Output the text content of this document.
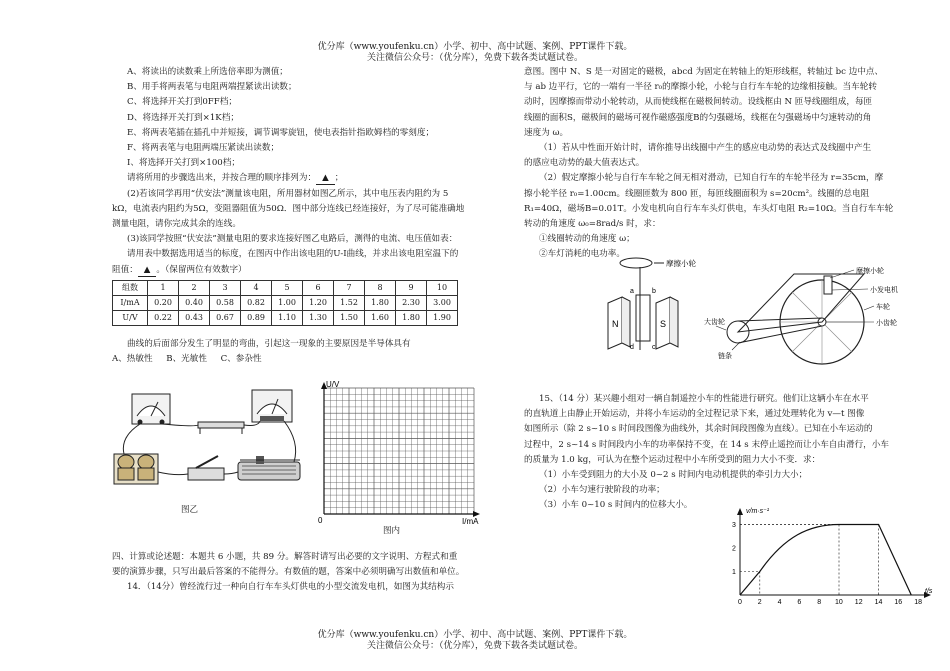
优分库（www.youfenku.cn）小学、初中、高中试题、案例、PPT课件下载。
关注微信公众号：（优分库），免费下载各类试题试卷。

A、将读出的读数乘上所选倍率即为测值；

B、用手将两表笔与电阻两端捏紧读出读数；

C、将选择开关打到0FF档；

D、将选择开关打到×1K档；

E、将两表笔插在插孔中并短接，调节调零旋钮，使电表指针指欧姆档的零刻度；

F、将两表笔与电阻两端压紧读出读数；

I、将选择开关打到×100档；

请将所用的步骤选出来，并按合理的顺序排列为： ▲ ；

(2)若该同学再用“伏安法”测量该电阻，所用器材如图乙所示，其中电压表内阻约为 5

kΩ，电流表内阻约为5Ω，变阻器阻值为50Ω．图中部分连线已经连接好，为了尽可能准确地

测量电阻，请你完成其余的连线。

(3)该同学按照“伏安法”测量电阻的要求连接好图乙电路后，测得的电流、电压值如表：

请用表中数据选用适当的标度，在图丙中作出该电阻的U-I曲线，并求出该电阻室温下的

阻值： ▲ 。（保留两位有效数字）

组数	1	2	3	4	5	6	7	8	9	10
I/mA	0.20	0.40	0.58	0.82	1.00	1.20	1.52	1.80	2.30	3.00
U/V	0.22	0.43	0.67	0.89	1.10	1.30	1.50	1.60	1.80	1.90

曲线的后面部分发生了明显的弯曲，引起这一现象的主要原因是半导体具有

A、热敏性 B、光敏性 C、参杂性

图乙
U/V
0	I/mA
图内

四、计算或论述题：本题共 6 小题，共 89 分。解答时请写出必要的文字说明、方程式和重

要的演算步骤，只写出最后答案的不能得分。有数值的题，答案中必须明确写出数值和单位。

14．（14分）曾经流行过一种向自行车车头灯供电的小型交流发电机，如图为其结构示

意图。图中 N、S 是一对固定的磁极，abcd 为固定在转轴上的矩形线框，转轴过 bc 边中点、

与 ab 边平行，它的一端有一半径 r₀的摩擦小轮，小轮与自行车车轮的边缘相接触。当车轮转

动时，因摩擦而带动小轮转动，从而使线框在磁极间转动。设线框由 N 匝导线圈组成，每匝

线圈的面积S，磁极间的磁场可视作磁感强度B的匀强磁场，线框在匀强磁场中匀速转动的角

速度为 ω。

（1）若从中性面开始计时，请你推导出线圈中产生的感应电动势的表达式及线圈中产生

的感应电动势的最大值表达式。

（2）假定摩擦小轮与自行车车轮之间无相对滑动，已知自行车的车轮半径为 r=35cm，摩

擦小轮半径 r₀=1.00cm。线圈匝数为 800 匝，每匝线圈面积为 s=20cm²。线圈的总电阻

R₁=40Ω，磁场B=0.01T。小发电机向自行车车头灯供电，车头灯电阻 R₂=10Ω。当自行车车轮

转动的角速度 ω₀=8rad/s 时，求：

①线圈转动的角速度 ω；

②车灯消耗的电功率。

N
a	b
c
d
S
摩擦小轮
摩擦小轮
小发电机
车轮
小齿轮
大齿轮
链条

15、（14 分）某兴趣小组对一辆自制遥控小车的性能进行研究。他们让这辆小车在水平

的直轨道上由静止开始运动，并将小车运动的全过程记录下来，通过处理转化为 v—t 图像

如图所示（除 2 s~10 s 时间段图像为曲线外，其余时间段图像为直线）。已知在小车运动的

过程中，2 s~14 s 时间段内小车的功率保持不变，在 14 s 末停止遥控而让小车自由滑行，小车

的质量为 1.0 kg，可认为在整个运动过程中小车所受到的阻力大小不变．求：

（1）小车受到阻力的大小及 0~2 s 时间内电动机提供的牵引力大小；

（2）小车匀速行驶阶段的功率；

（3）小车 0~10 s 时间内的位移大小。

v/m·s⁻¹
t/s
0 2 4 6 8 10 12 14 16 18
1
2
3
优分库（www.youfenku.cn）小学、初中、高中试题、案例、PPT课件下载。
关注微信公众号：（优分库），免费下载各类试题试卷。
